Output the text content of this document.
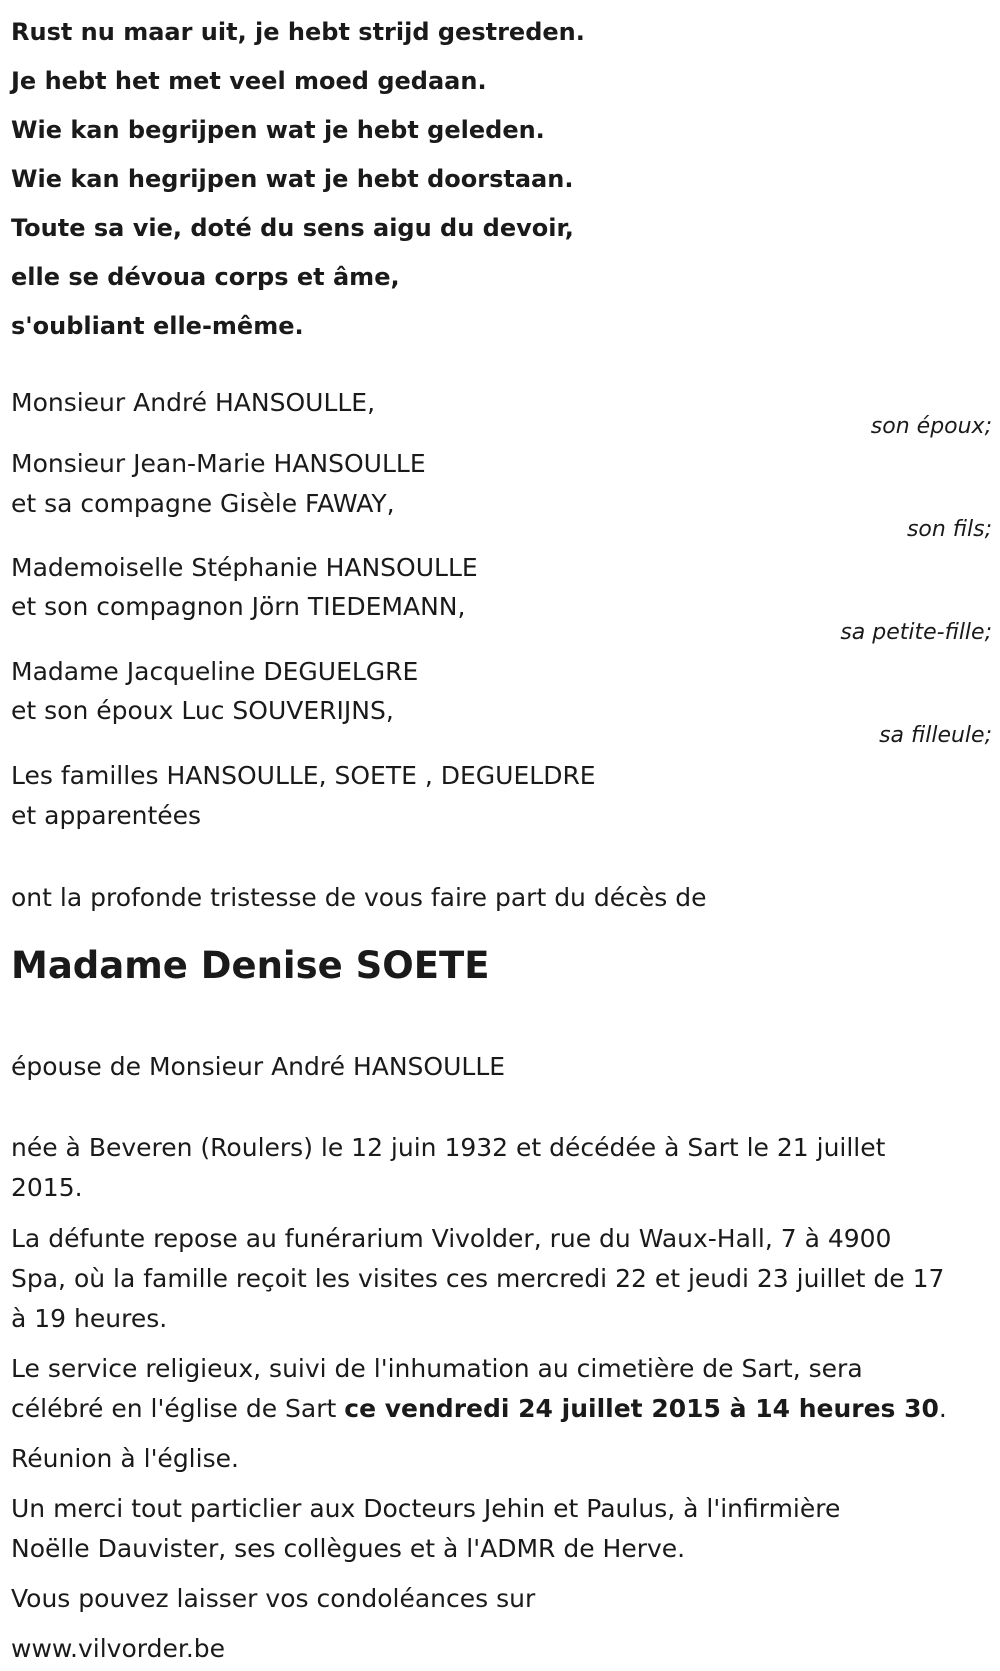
Rust nu maar uit, je hebt strijd gestreden.
Je hebt het met veel moed gedaan.
Wie kan begrijpen wat je hebt geleden.
Wie kan hegrijpen wat je hebt doorstaan.
Toute sa vie, doté du sens aigu du devoir,
elle se dévoua corps et âme,
s'oubliant elle-même.
Monsieur André HANSOULLE,
son époux;
Monsieur Jean-Marie HANSOULLE
et sa compagne Gisèle FAWAY,
son fils;
Mademoiselle Stéphanie HANSOULLE
et son compagnon Jörn TIEDEMANN,
sa petite-fille;
Madame Jacqueline DEGUELGRE
et son époux Luc SOUVERIJNS,
sa filleule;
Les familles HANSOULLE, SOETE , DEGUELDRE
et apparentées
ont la profonde tristesse de vous faire part du décès de
Madame Denise SOETE
épouse de Monsieur André HANSOULLE
née à Beveren (Roulers) le 12 juin 1932 et décédée à Sart le 21 juillet
2015.
La défunte repose au funérarium Vivolder, rue du Waux-Hall, 7 à 4900
Spa, où la famille reçoit les visites ces mercredi 22 et jeudi 23 juillet de 17
à 19 heures.
Le service religieux, suivi de l'inhumation au cimetière de Sart, sera
célébré en l'église de Sart ce vendredi 24 juillet 2015 à 14 heures 30.
Réunion à l'église.
Un merci tout particlier aux Docteurs Jehin et Paulus, à l'infirmière
Noëlle Dauvister, ses collègues et à l'ADMR de Herve.
Vous pouvez laisser vos condoléances sur
www.vilvorder.be
